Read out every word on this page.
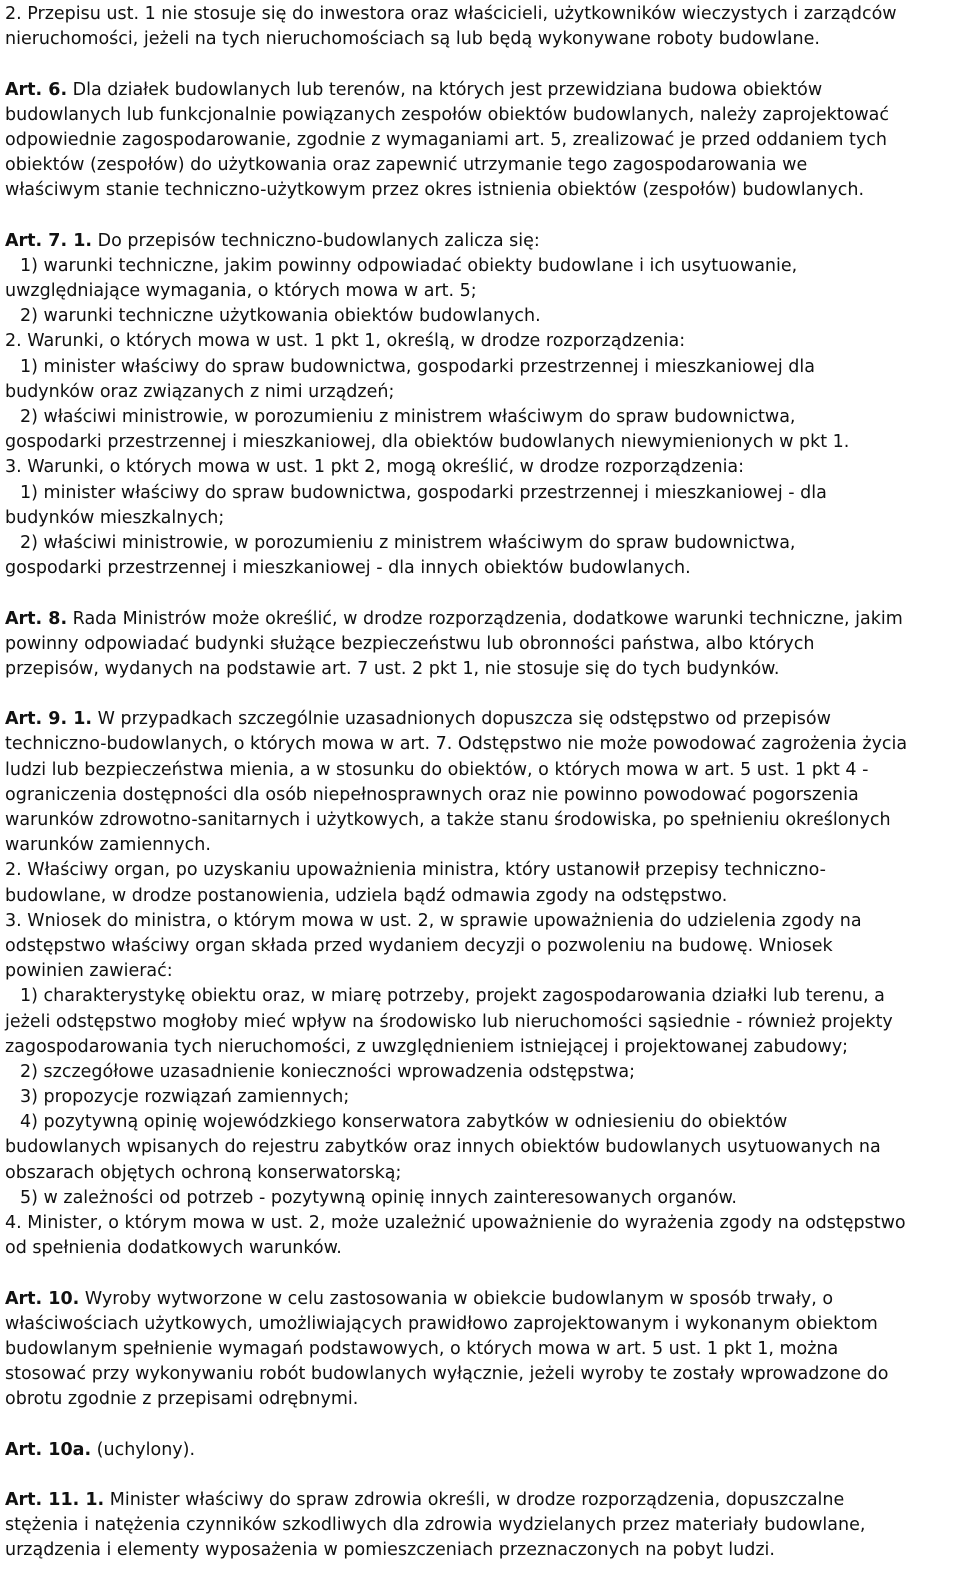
2. Przepisu ust. 1 nie stosuje się do inwestora oraz właścicieli, użytkowników wieczystych i zarządców
nieruchomości, jeżeli na tych nieruchomościach są lub będą wykonywane roboty budowlane.
Art. 6. Dla działek budowlanych lub terenów, na których jest przewidziana budowa obiektów
budowlanych lub funkcjonalnie powiązanych zespołów obiektów budowlanych, należy zaprojektować
odpowiednie zagospodarowanie, zgodnie z wymaganiami art. 5, zrealizować je przed oddaniem tych
obiektów (zespołów) do użytkowania oraz zapewnić utrzymanie tego zagospodarowania we
właściwym stanie techniczno-użytkowym przez okres istnienia obiektów (zespołów) budowlanych.
Art. 7. 1. Do przepisów techniczno-budowlanych zalicza się:
1) warunki techniczne, jakim powinny odpowiadać obiekty budowlane i ich usytuowanie,
uwzględniające wymagania, o których mowa w art. 5;
2) warunki techniczne użytkowania obiektów budowlanych.
2. Warunki, o których mowa w ust. 1 pkt 1, określą, w drodze rozporządzenia:
1) minister właściwy do spraw budownictwa, gospodarki przestrzennej i mieszkaniowej dla
budynków oraz związanych z nimi urządzeń;
2) właściwi ministrowie, w porozumieniu z ministrem właściwym do spraw budownictwa,
gospodarki przestrzennej i mieszkaniowej, dla obiektów budowlanych niewymienionych w pkt 1.
3. Warunki, o których mowa w ust. 1 pkt 2, mogą określić, w drodze rozporządzenia:
1) minister właściwy do spraw budownictwa, gospodarki przestrzennej i mieszkaniowej - dla
budynków mieszkalnych;
2) właściwi ministrowie, w porozumieniu z ministrem właściwym do spraw budownictwa,
gospodarki przestrzennej i mieszkaniowej - dla innych obiektów budowlanych.
Art. 8. Rada Ministrów może określić, w drodze rozporządzenia, dodatkowe warunki techniczne, jakim
powinny odpowiadać budynki służące bezpieczeństwu lub obronności państwa, albo których
przepisów, wydanych na podstawie art. 7 ust. 2 pkt 1, nie stosuje się do tych budynków.
Art. 9. 1. W przypadkach szczególnie uzasadnionych dopuszcza się odstępstwo od przepisów
techniczno-budowlanych, o których mowa w art. 7. Odstępstwo nie może powodować zagrożenia życia
ludzi lub bezpieczeństwa mienia, a w stosunku do obiektów, o których mowa w art. 5 ust. 1 pkt 4 -
ograniczenia dostępności dla osób niepełnosprawnych oraz nie powinno powodować pogorszenia
warunków zdrowotno-sanitarnych i użytkowych, a także stanu środowiska, po spełnieniu określonych
warunków zamiennych.
2. Właściwy organ, po uzyskaniu upoważnienia ministra, który ustanowił przepisy techniczno-
budowlane, w drodze postanowienia, udziela bądź odmawia zgody na odstępstwo.
3. Wniosek do ministra, o którym mowa w ust. 2, w sprawie upoważnienia do udzielenia zgody na
odstępstwo właściwy organ składa przed wydaniem decyzji o pozwoleniu na budowę. Wniosek
powinien zawierać:
1) charakterystykę obiektu oraz, w miarę potrzeby, projekt zagospodarowania działki lub terenu, a
jeżeli odstępstwo mogłoby mieć wpływ na środowisko lub nieruchomości sąsiednie - również projekty
zagospodarowania tych nieruchomości, z uwzględnieniem istniejącej i projektowanej zabudowy;
2) szczegółowe uzasadnienie konieczności wprowadzenia odstępstwa;
3) propozycje rozwiązań zamiennych;
4) pozytywną opinię wojewódzkiego konserwatora zabytków w odniesieniu do obiektów
budowlanych wpisanych do rejestru zabytków oraz innych obiektów budowlanych usytuowanych na
obszarach objętych ochroną konserwatorską;
5) w zależności od potrzeb - pozytywną opinię innych zainteresowanych organów.
4. Minister, o którym mowa w ust. 2, może uzależnić upoważnienie do wyrażenia zgody na odstępstwo
od spełnienia dodatkowych warunków.
Art. 10. Wyroby wytworzone w celu zastosowania w obiekcie budowlanym w sposób trwały, o
właściwościach użytkowych, umożliwiających prawidłowo zaprojektowanym i wykonanym obiektom
budowlanym spełnienie wymagań podstawowych, o których mowa w art. 5 ust. 1 pkt 1, można
stosować przy wykonywaniu robót budowlanych wyłącznie, jeżeli wyroby te zostały wprowadzone do
obrotu zgodnie z przepisami odrębnymi.
Art. 10a. (uchylony).
Art. 11. 1. Minister właściwy do spraw zdrowia określi, w drodze rozporządzenia, dopuszczalne
stężenia i natężenia czynników szkodliwych dla zdrowia wydzielanych przez materiały budowlane,
urządzenia i elementy wyposażenia w pomieszczeniach przeznaczonych na pobyt ludzi.
